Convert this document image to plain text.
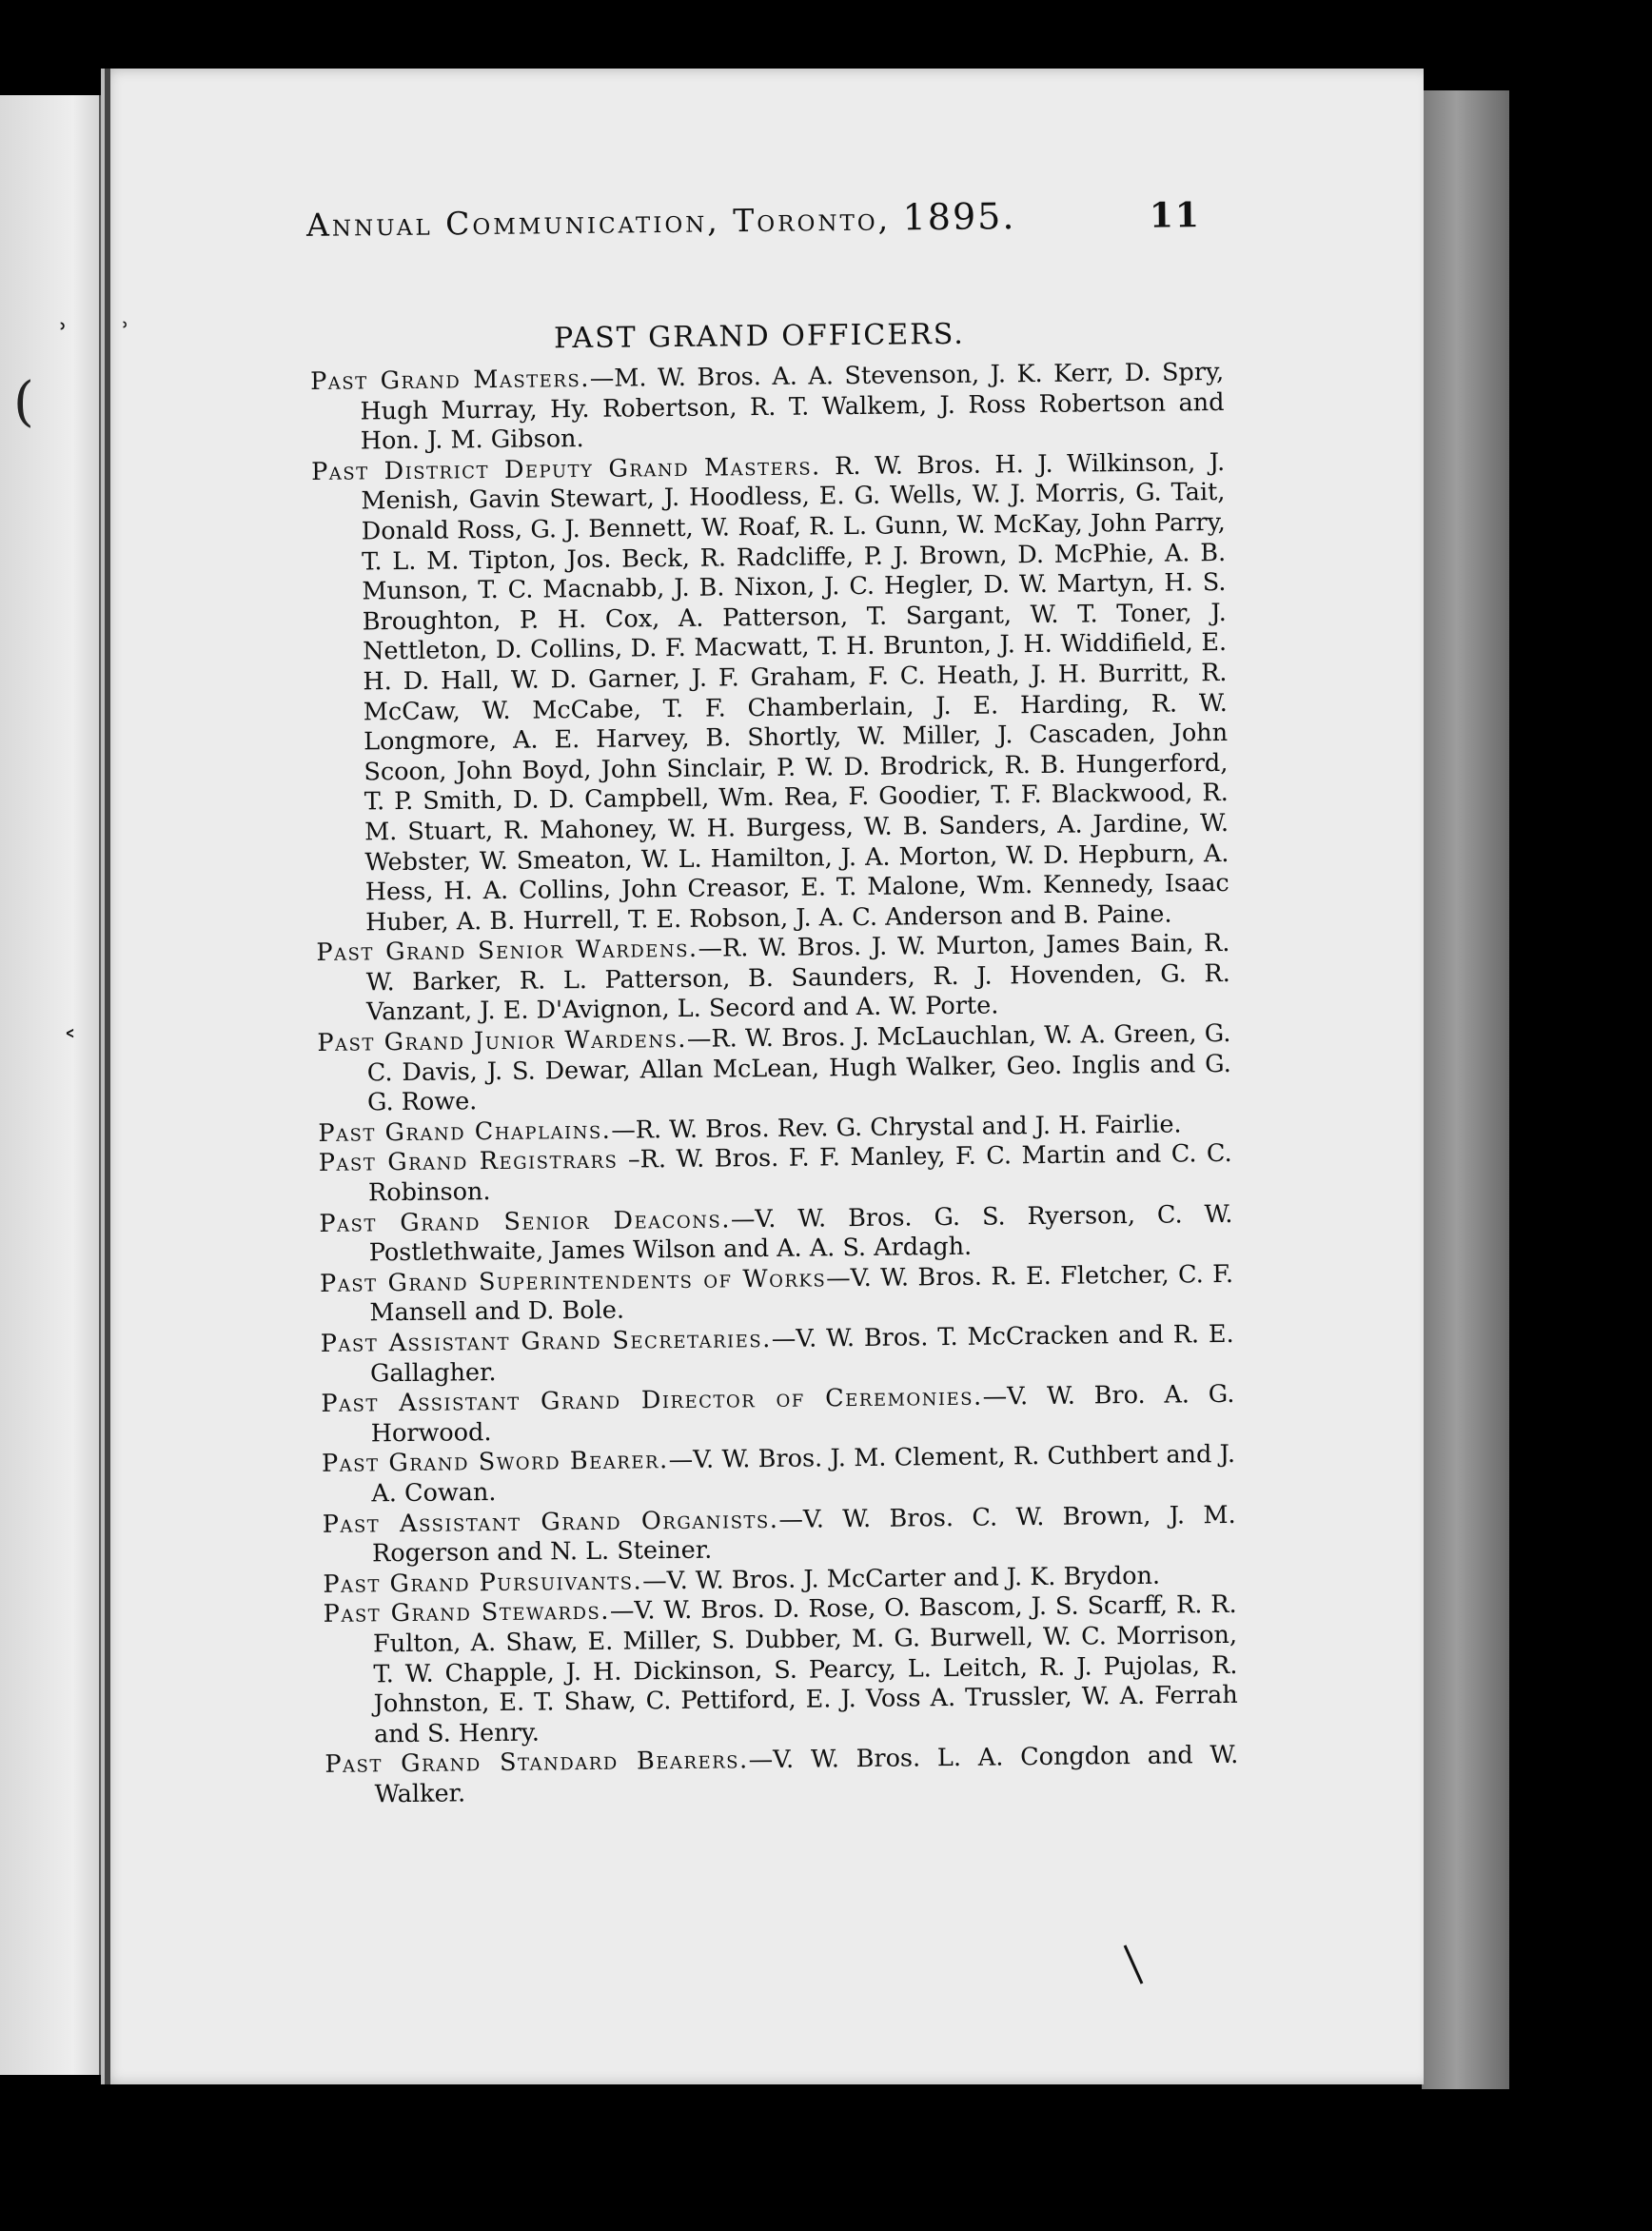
˒
(
˒
˂
Annual Communication, Toronto, 1895.	11
PAST GRAND OFFICERS.

Past Grand Masters.—M. W. Bros. A. A. Stevenson, J. K. Kerr, D. Spry, Hugh Murray, Hy. Robertson, R. T. Walkem, J. Ross Robertson and Hon. J. M. Gibson.

Past District Deputy Grand Masters. R. W. Bros. H. J. Wilkinson, J. Menish, Gavin Stewart, J. Hoodless, E. G. Wells, W. J. Morris, G. Tait, Donald Ross, G. J. Bennett, W. Roaf, R. L. Gunn, W. McKay, John Parry, T. L. M. Tipton, Jos. Beck, R. Radcliffe, P. J. Brown, D. McPhie, A. B. Munson, T. C. Macnabb, J. B. Nixon, J. C. Hegler, D. W. Martyn, H. S. Broughton, P. H. Cox, A. Patterson, T. Sargant, W. T. Toner, J. Nettleton, D. Collins, D. F. Macwatt, T. H. Brunton, J. H. Widdifield, E. H. D. Hall, W. D. Garner, J. F. Graham, F. C. Heath, J. H. Burritt, R. McCaw, W. McCabe, T. F. Chamberlain, J. E. Harding, R. W. Longmore, A. E. Harvey, B. Shortly, W. Miller, J. Cascaden, John Scoon, John Boyd, John Sinclair, P. W. D. Brodrick, R. B. Hungerford, T. P. Smith, D. D. Campbell, Wm. Rea, F. Goodier, T. F. Blackwood, R. M. Stuart, R. Mahoney, W. H. Burgess, W. B. Sanders, A. Jardine, W. Webster, W. Smeaton, W. L. Hamilton, J. A. Morton, W. D. Hepburn, A. Hess, H. A. Collins, John Creasor, E. T. Malone, Wm. Kennedy, Isaac Huber, A. B. Hurrell, T. E. Robson, J. A. C. Anderson and B. Paine.

Past Grand Senior Wardens.—R. W. Bros. J. W. Murton, James Bain, R. W. Barker, R. L. Patterson, B. Saunders, R. J. Hovenden, G. R. Vanzant, J. E. D'Avignon, L. Secord and A. W. Porte.

Past Grand Junior Wardens.—R. W. Bros. J. McLauchlan, W. A. Green, G. C. Davis, J. S. Dewar, Allan McLean, Hugh Walker, Geo. Inglis and G. G. Rowe.

Past Grand Chaplains.—R. W. Bros. Rev. G. Chrystal and J. H. Fairlie.

Past Grand Registrars –R. W. Bros. F. F. Manley, F. C. Martin and C. C. Robinson.

Past Grand Senior Deacons.—V. W. Bros. G. S. Ryerson, C. W. Postlethwaite, James Wilson and A. A. S. Ardagh.

Past Grand Superintendents of Works—V. W. Bros. R. E. Fletcher, C. F. Mansell and D. Bole.

Past Assistant Grand Secretaries.—V. W. Bros. T. McCracken and R. E. Gallagher.

Past Assistant Grand Director of Ceremonies.—V. W. Bro. A. G. Horwood.

Past Grand Sword Bearer.—V. W. Bros. J. M. Clement, R. Cuthbert and J. A. Cowan.

Past Assistant Grand Organists.—V. W. Bros. C. W. Brown, J. M. Rogerson and N. L. Steiner.

Past Grand Pursuivants.—V. W. Bros. J. McCarter and J. K. Brydon.

Past Grand Stewards.—V. W. Bros. D. Rose, O. Bascom, J. S. Scarff, R. R. Fulton, A. Shaw, E. Miller, S. Dubber, M. G. Burwell, W. C. Morrison, T. W. Chapple, J. H. Dickinson, S. Pearcy, L. Leitch, R. J. Pujolas, R. Johnston, E. T. Shaw, C. Pettiford, E. J. Voss A. Trussler, W. A. Ferrah and S. Henry.

Past Grand Standard Bearers.—V. W. Bros. L. A. Congdon and W. Walker.
